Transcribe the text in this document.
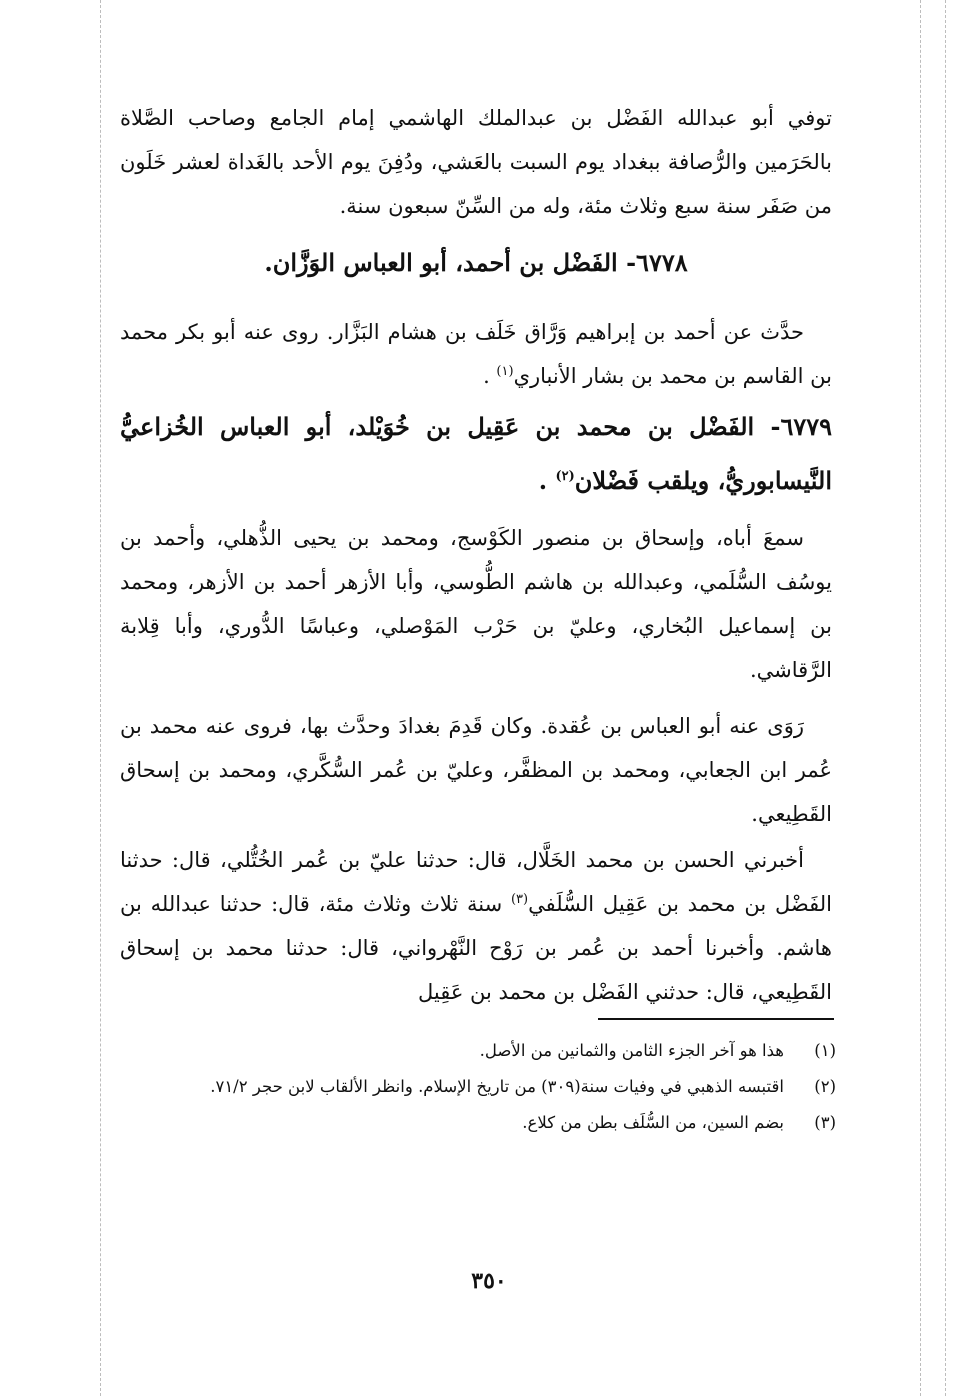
توفي أبو عبدالله الفَضْل بن عبدالملك الهاشمي إمام الجامع وصاحب الصَّلاة بالحَرَمين والرُّصافة ببغداد يوم السبت بالعَشي، ودُفِنَ يوم الأحد بالغَداة لعشر خَلَون من صَفَر سنة سبع وثلاث مئة، وله من السِّنّ سبعون سنة.

٦٧٧٨- الفَضْل بن أحمد، أبو العباس الوَزَّان.

حدَّث عن أحمد بن إبراهيم وَرَّاق خَلَف بن هشام البَزَّار. روى عنه أبو بكر محمد بن القاسم بن محمد بن بشار الأنباري$^{(١)}$ .

٦٧٧٩- الفَضْل بن محمد بن عَقِيل بن خُوَيْلد، أبو العباس الخُزاعيُّ النَّيسابوريُّ، ويلقب فَضْلان$^{(٢)}$ .

سمعَ أباه، وإسحاق بن منصور الكَوْسج، ومحمد بن يحيى الذُّهلي، وأحمد بن يوسُف السُّلَمي، وعبدالله بن هاشم الطُّوسي، وأبا الأزهر أحمد بن الأزهر، ومحمد بن إسماعيل البُخاري، وعليّ بن حَرْب المَوْصلي، وعباسًا الدُّوري، وأبا قِلابة الرَّقاشي.

رَوَى عنه أبو العباس بن عُقدة. وكان قَدِمَ بغدادَ وحدَّث بها، فروى عنه محمد بن عُمر ابن الجعابي، ومحمد بن المظفَّر، وعليّ بن عُمر السُّكَّري، ومحمد بن إسحاق القَطِيعي.

أخبرني الحسن بن محمد الخَلَّال، قال: حدثنا عليّ بن عُمر الخُتُّلي، قال: حدثنا الفَضْل بن محمد بن عَقِيل السُّلَفي$^{(٣)}$ سنة ثلاث وثلاث مئة، قال: حدثنا عبدالله بن هاشم. وأخبرنا أحمد بن عُمر بن رَوْح النَّهْرواني، قال: حدثنا محمد بن إسحاق القَطِيعي، قال: حدثني الفَضْل بن محمد بن عَقِيل

(١)
هذا هو آخر الجزء الثامن والثمانين من الأصل.
(٢)
اقتبسه الذهبي في وفيات سنة(٣٠٩) من تاريخ الإسلام. وانظر الألقاب لابن حجر ٧١/٢.
(٣)
بضم السين، من السُّلَف بطن من كلاع.
٣٥٠
